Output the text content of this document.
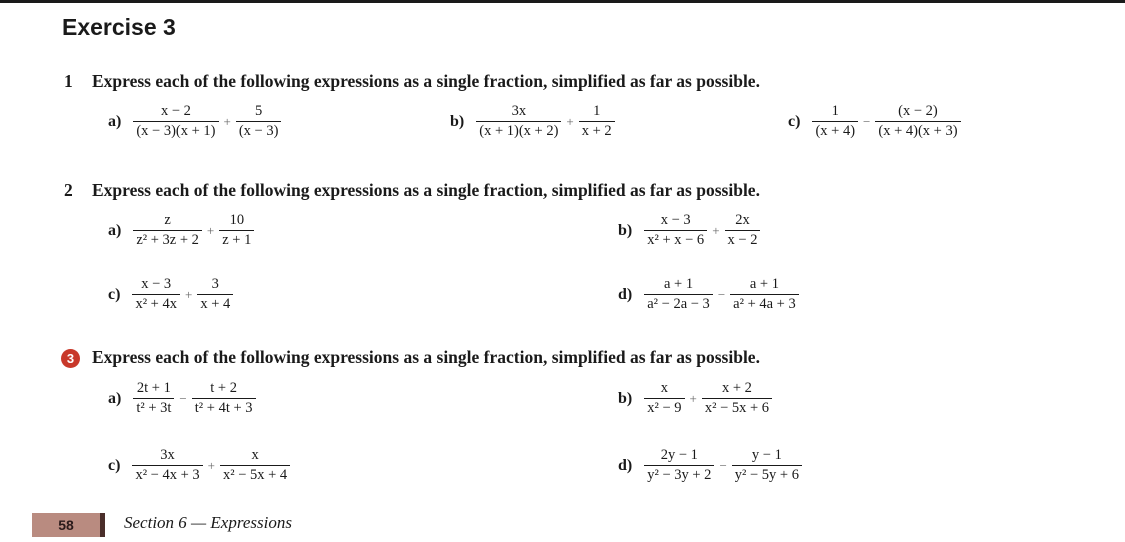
Exercise 3
1 Express each of the following expressions as a single fraction, simplified as far as possible.
$a) \frac{x - 2}{(x - 3)(x + 1)} + \frac{5}{(x - 3)}$	$b) \frac{3x}{(x + 1)(x + 2)} + \frac{1}{x + 2}$	$c) \frac{1}{(x + 4)} - \frac{(x - 2)}{(x + 4)(x + 3)}$
2 Express each of the following expressions as a single fraction, simplified as far as possible.
$a) \frac{z}{\text{z² + 3z + 2}} + \frac{10}{z + 1}$	$b) \frac{x - 3}{\text{x² + x − 6}} + \frac{2x}{x - 2}$
$c) \frac{x - 3}{\text{x² + 4x}} + \frac{3}{x + 4}$	$d) \frac{a + 1}{\text{a² − 2a − 3}} - \frac{a + 1}{\text{a² + 4a + 3}}$
3	Express each of the following expressions as a single fraction, simplified as far as possible.
$a) \frac{2t + 1}{\text{t² + 3t}} - \frac{t + 2}{\text{t² + 4t + 3}}$	$b) \frac{x}{\text{x² − 9}} + \frac{x + 2}{\text{x² − 5x + 6}}$
$c) \frac{3x}{\text{x² − 4x + 3}} + \frac{x}{\text{x² − 5x + 4}}$	$d) \frac{2y - 1}{\text{y² − 3y + 2}} - \frac{y - 1}{\text{y² − 5y + 6}}$
58	Section 6 — Expressions
